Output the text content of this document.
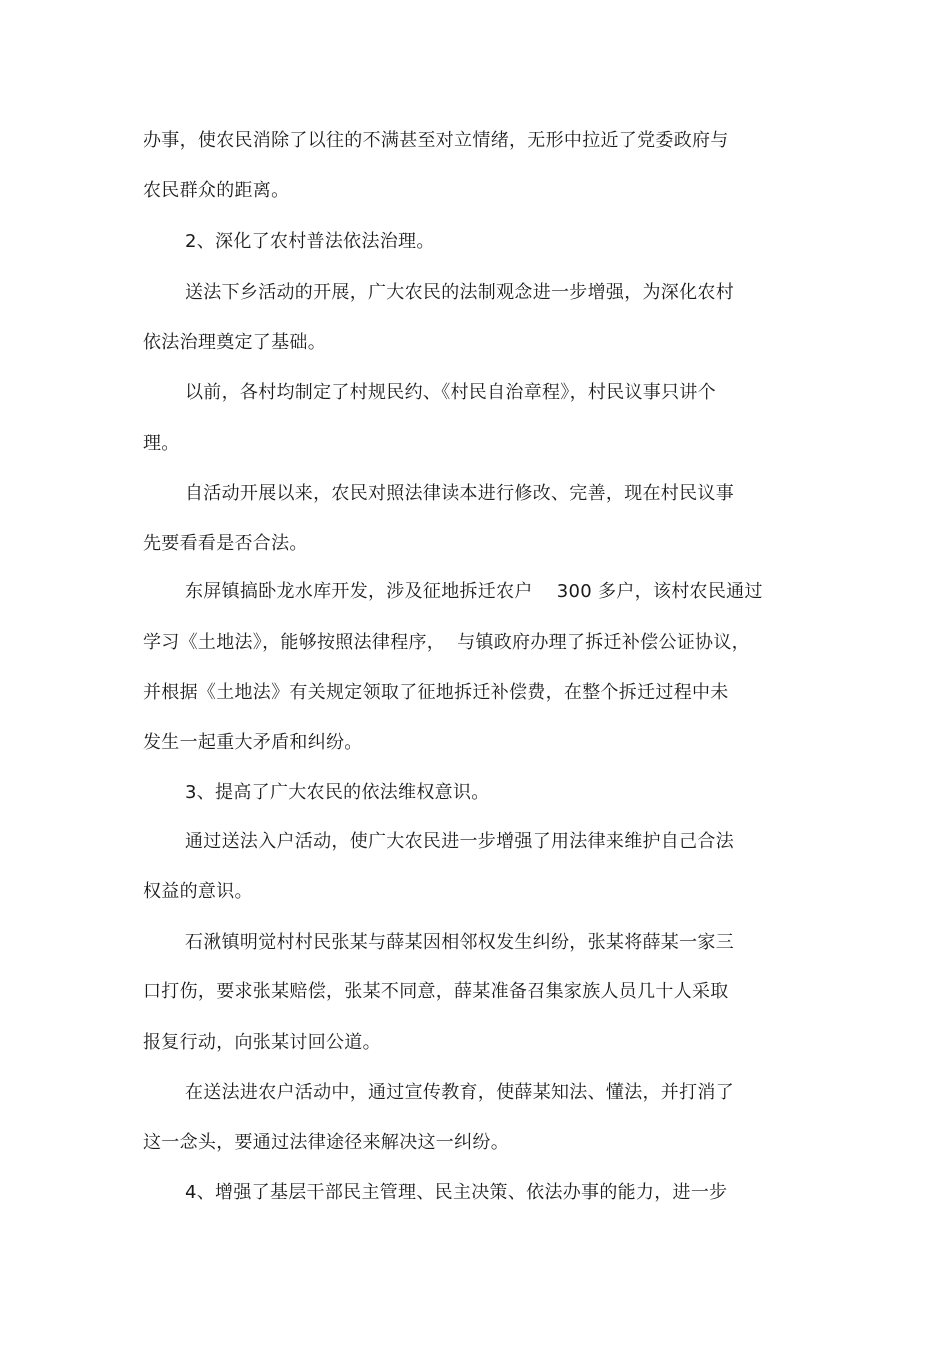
办事，使农民消除了以往的不满甚至对立情绪，无形中拉近了党委政府与
农民群众的距离。
2、深化了农村普法依法治理。
送法下乡活动的开展，广大农民的法制观念进一步增强，为深化农村
依法治理奠定了基础。
以前，各村均制定了村规民约、《村民自治章程》，村民议事只讲个
理。
自活动开展以来，农民对照法律读本进行修改、完善，现在村民议事
先要看看是否合法。
东屏镇搞卧龙水库开发，涉及征地拆迁农户    300 多户，该村农民通过
学习《土地法》，能够按照法律程序，  与镇政府办理了拆迁补偿公证协议，
并根据《土地法》有关规定领取了征地拆迁补偿费，在整个拆迁过程中未
发生一起重大矛盾和纠纷。
3、提高了广大农民的依法维权意识。
通过送法入户活动，使广大农民进一步增强了用法律来维护自己合法
权益的意识。
石湫镇明觉村村民张某与薛某因相邻权发生纠纷，张某将薛某一家三
口打伤，要求张某赔偿，张某不同意，薛某准备召集家族人员几十人采取
报复行动，向张某讨回公道。
在送法进农户活动中，通过宣传教育，使薛某知法、懂法，并打消了
这一念头，要通过法律途径来解决这一纠纷。
4、增强了基层干部民主管理、民主决策、依法办事的能力，进一步
